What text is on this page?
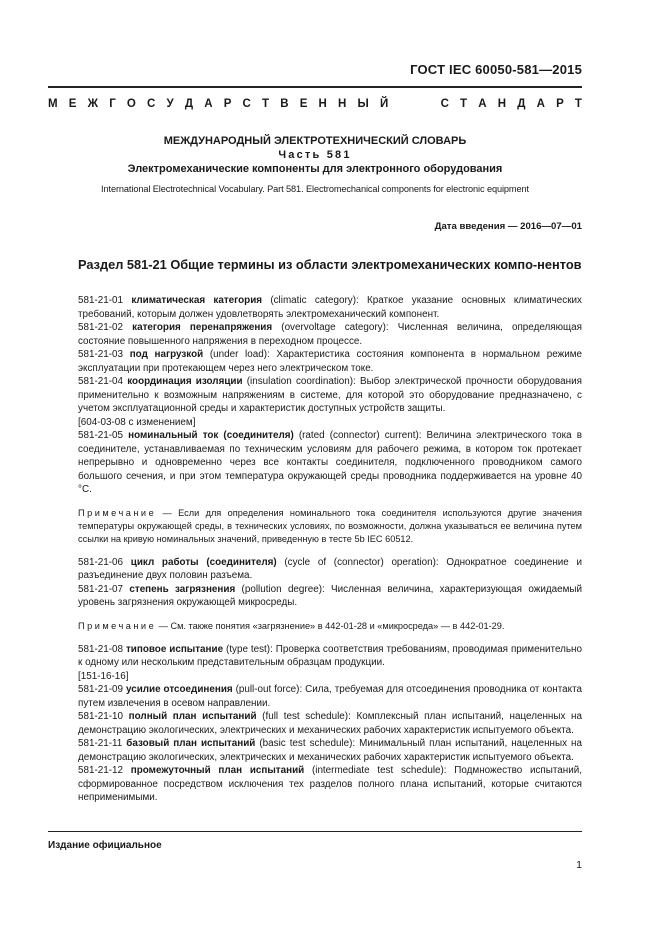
ГОСТ IEC 60050-581—2015
М Е Ж Г О С У Д А Р С Т В Е Н Н Ы Й	С Т А Н Д А Р Т
МЕЖДУНАРОДНЫЙ ЭЛЕКТРОТЕХНИЧЕСКИЙ СЛОВАРЬ
Часть 581
Электромеханические компоненты для электронного оборудования
International Electrotechnical Vocabulary. Part 581. Electromechanical components for electronic equipment
Дата введения — 2016—07—01
Раздел 581-21 Общие термины из области электромеханических компо-нентов

581-21-01 климатическая категория (climatic category): Краткое указание основных климатических требований, которым должен удовлетворять электромеханический компонент.

581-21-02 категория перенапряжения (overvoltage category): Численная величина, определяющая состояние повышенного напряжения в переходном процессе.

581-21-03 под нагрузкой (under load): Характеристика состояния компонента в нормальном режиме эксплуатации при протекающем через него электрическом токе.

581-21-04 координация изоляции (insulation coordination): Выбор электрической прочности оборудования применительно к возможным напряжениям в системе, для которой это оборудование предназначено, с учетом эксплуатационной среды и характеристик доступных устройств защиты.

[604-03-08 с изменением]

581-21-05 номинальный ток (соединителя) (rated (connector) current): Величина электрического тока в соединителе, устанавливаемая по техническим условиям для рабочего режима, в котором ток протекает непрерывно и одновременно через все контакты соединителя, подключенного проводником самого большого сечения, и при этом температура окружающей среды проводника поддерживается на уровне 40 °С.

Примечание — Если для определения номинального тока соединителя используются другие значения температуры окружающей среды, в технических условиях, по возможности, должна указываться ее величина путем ссылки на кривую номинальных значений, приведенную в тесте 5b IEC 60512.

581-21-06 цикл работы (соединителя) (cycle of (connector) operation): Однократное соединение и разъединение двух половин разъема.

581-21-07 степень загрязнения (pollution degree): Численная величина, характеризующая ожидаемый уровень загрязнения окружающей микросреды.

Примечание — См. также понятия «загрязнение» в 442-01-28 и «микросреда» — в 442-01-29.

581-21-08 типовое испытание (type test): Проверка соответствия требованиям, проводимая применительно к одному или нескольким представительным образцам продукции.

[151-16-16]

581-21-09 усилие отсоединения (pull-out force): Сила, требуемая для отсоединения проводника от контакта путем извлечения в осевом направлении.

581-21-10 полный план испытаний (full test schedule): Комплексный план испытаний, нацеленных на демонстрацию экологических, электрических и механических рабочих характеристик испытуемого объекта.

581-21-11 базовый план испытаний (basic test schedule): Минимальный план испытаний, нацеленных на демонстрацию экологических, электрических и механических рабочих характеристик испытуемого объекта.

581-21-12 промежуточный план испытаний (intermediate test schedule): Подмножество испытаний, сформированное посредством исключения тех разделов полного плана испытаний, которые считаются неприменимыми.

Издание официальное
1
